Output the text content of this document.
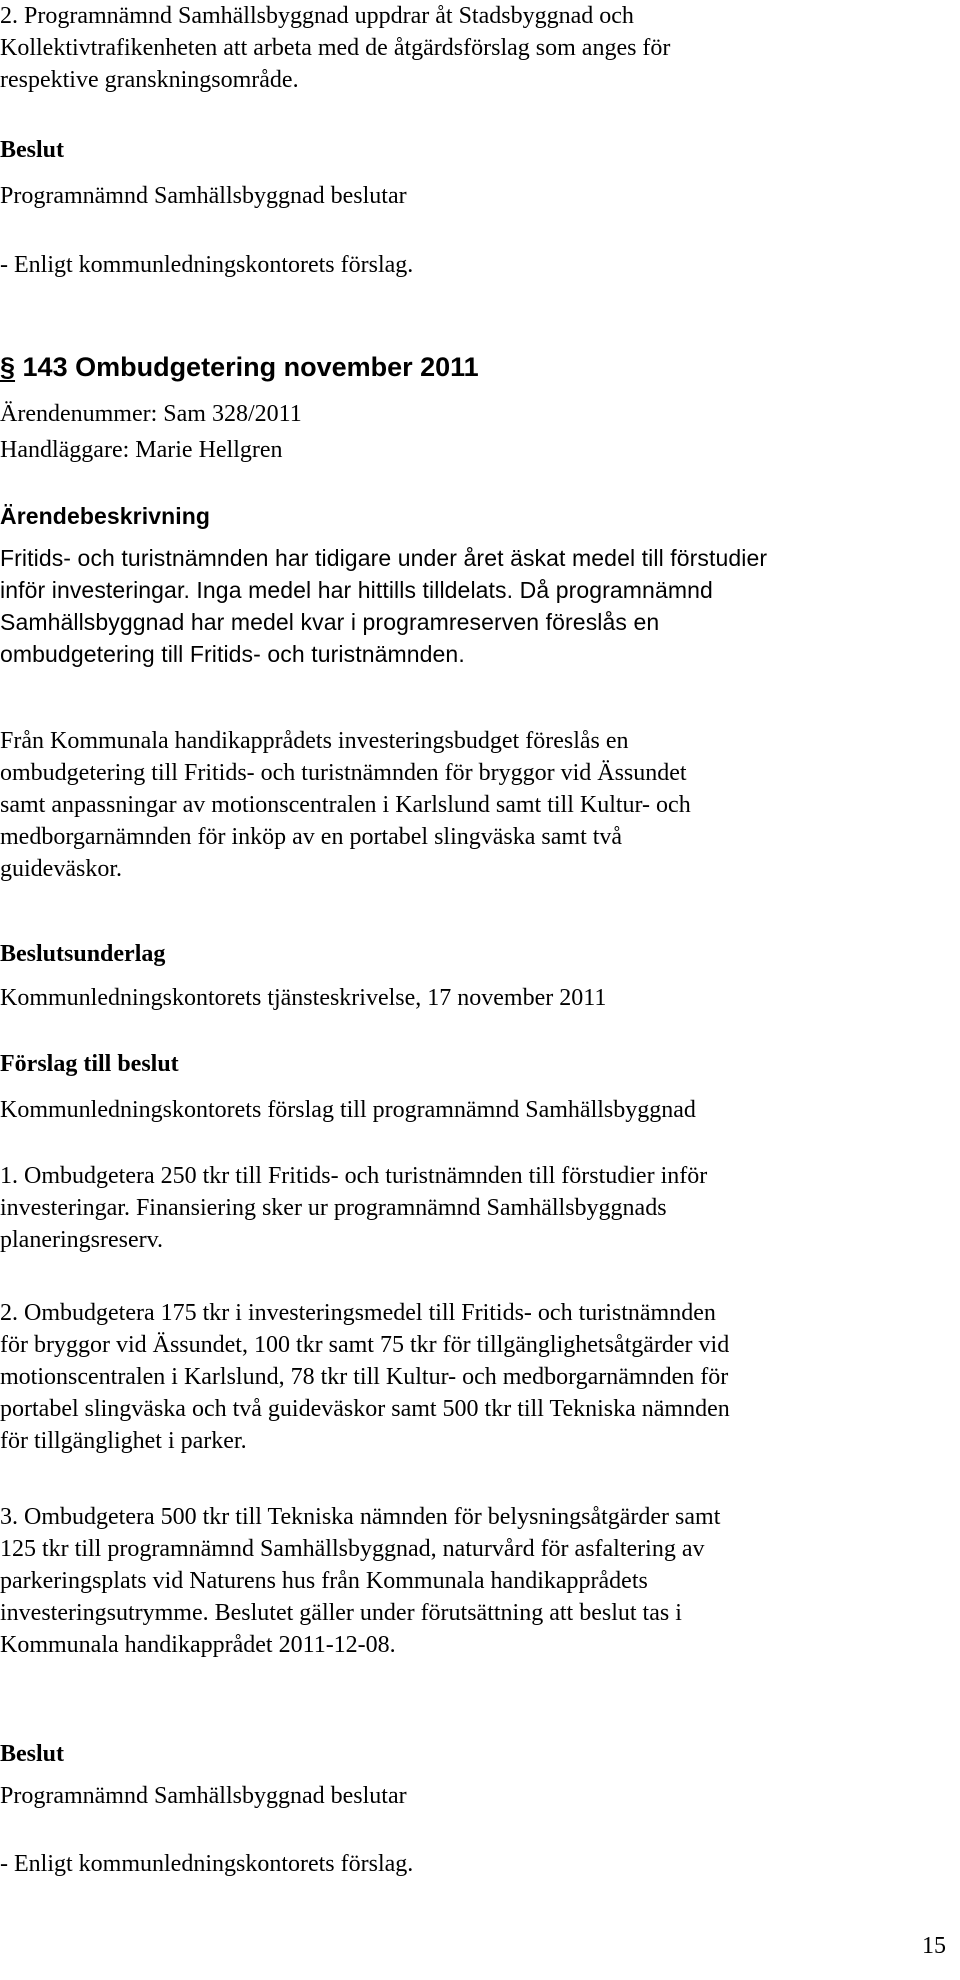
2. Programnämnd Samhällsbyggnad uppdrar åt Stadsbyggnad och

Kollektivtrafikenheten att arbeta med de åtgärdsförslag som anges för

respektive granskningsområde.

Beslut
Programnämnd Samhällsbyggnad beslutar
- Enligt kommunledningskontorets förslag.
§ 143 Ombudgetering november 2011
Ärendenummer: Sam 328/2011
Handläggare: Marie Hellgren
Ärendebeskrivning

Fritids- och turistnämnden har tidigare under året äskat medel till förstudier

inför investeringar. Inga medel har hittills tilldelats. Då programnämnd

Samhällsbyggnad har medel kvar i programreserven föreslås en

ombudgetering till Fritids- och turistnämnden.

Från Kommunala handikapprådets investeringsbudget föreslås en

ombudgetering till Fritids- och turistnämnden för bryggor vid Ässundet

samt anpassningar av motionscentralen i Karlslund samt till Kultur- och

medborgarnämnden för inköp av en portabel slingväska samt två

guideväskor.

Beslutsunderlag
Kommunledningskontorets tjänsteskrivelse, 17 november 2011
Förslag till beslut
Kommunledningskontorets förslag till programnämnd Samhällsbyggnad

1. Ombudgetera 250 tkr till Fritids- och turistnämnden till förstudier inför

investeringar. Finansiering sker ur programnämnd Samhällsbyggnads

planeringsreserv.

2. Ombudgetera 175 tkr i investeringsmedel till Fritids- och turistnämnden

för bryggor vid Ässundet, 100 tkr samt 75 tkr för tillgänglighetsåtgärder vid

motionscentralen i Karlslund, 78 tkr till Kultur- och medborgarnämnden för

portabel slingväska och två guideväskor samt 500 tkr till Tekniska nämnden

för tillgänglighet i parker.

3. Ombudgetera 500 tkr till Tekniska nämnden för belysningsåtgärder samt

125 tkr till programnämnd Samhällsbyggnad, naturvård för asfaltering av

parkeringsplats vid Naturens hus från Kommunala handikapprådets

investeringsutrymme. Beslutet gäller under förutsättning att beslut tas i

Kommunala handikapprådet 2011-12-08.

Beslut
Programnämnd Samhällsbyggnad beslutar
- Enligt kommunledningskontorets förslag.
15
